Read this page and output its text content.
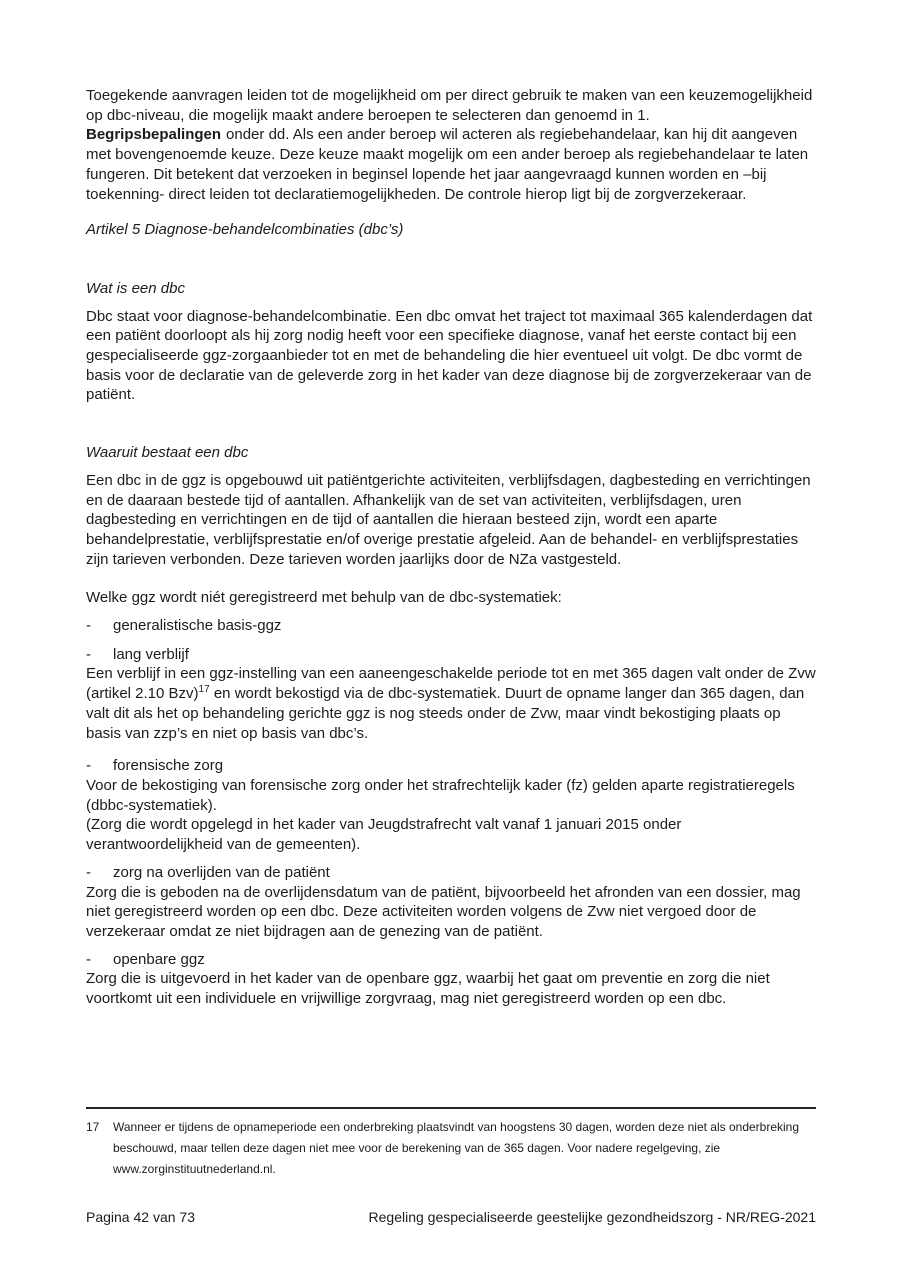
Toegekende aanvragen leiden tot de mogelijkheid om per direct gebruik te maken van een keuzemogelijkheid op dbc-niveau, die mogelijk maakt andere beroepen te selecteren dan genoemd in 1.Begripsbepalingen onder dd. Als een ander beroep wil acteren als regiebehandelaar, kan hij dit aangeven met bovengenoemde keuze. Deze keuze maakt mogelijk om een ander beroep als regiebehandelaar te laten fungeren. Dit betekent dat verzoeken in beginsel lopende het jaar aangevraagd kunnen worden en –bij toekenning- direct leiden tot declaratiemogelijkheden. De controle hierop ligt bij de zorgverzekeraar.

Artikel 5 Diagnose-behandelcombinaties (dbc’s)

Wat is een dbc

Dbc staat voor diagnose-behandelcombinatie. Een dbc omvat het traject tot maximaal 365 kalenderdagen dat een patiënt doorloopt als hij zorg nodig heeft voor een specifieke diagnose, vanaf het eerste contact bij een gespecialiseerde ggz-zorgaanbieder tot en met de behandeling die hier eventueel uit volgt. De dbc vormt de basis voor de declaratie van de geleverde zorg in het kader van deze diagnose bij de zorgverzekeraar van de patiënt.

Waaruit bestaat een dbc

Een dbc in de ggz is opgebouwd uit patiëntgerichte activiteiten, verblijfsdagen, dagbesteding en verrichtingen en de daaraan bestede tijd of aantallen. Afhankelijk van de set van activiteiten, verblijfsdagen, uren dagbesteding en verrichtingen en de tijd of aantallen die hieraan besteed zijn, wordt een aparte behandelprestatie, verblijfsprestatie en/of overige prestatie afgeleid. Aan de behandel- en verblijfsprestaties zijn tarieven verbonden. Deze tarieven worden jaarlijks door de NZa vastgesteld.

Welke ggz wordt niét geregistreerd met behulp van de dbc-systematiek:

-	generalistische basis-ggz
-	lang verblijf

Een verblijf in een ggz-instelling van een aaneengeschakelde periode tot en met 365 dagen valt onder de Zvw (artikel 2.10 Bzv)$^{17}$ en wordt bekostigd via de dbc-systematiek. Duurt de opname langer dan 365 dagen, dan valt dit als het op behandeling gerichte ggz is nog steeds onder de Zvw, maar vindt bekostiging plaats op basis van zzp’s en niet op basis van dbc’s.

-	forensische zorg

Voor de bekostiging van forensische zorg onder het strafrechtelijk kader (fz) gelden aparte registratieregels (dbbc-systematiek).

(Zorg die wordt opgelegd in het kader van Jeugdstrafrecht valt vanaf 1 januari 2015 onder verantwoordelijkheid van de gemeenten).

-	zorg na overlijden van de patiënt

Zorg die is geboden na de overlijdensdatum van de patiënt, bijvoorbeeld het afronden van een dossier, mag niet geregistreerd worden op een dbc. Deze activiteiten worden volgens de Zvw niet vergoed door de verzekeraar omdat ze niet bijdragen aan de genezing van de patiënt.

-	openbare ggz

Zorg die is uitgevoerd in het kader van de openbare ggz, waarbij het gaat om preventie en zorg die niet voortkomt uit een individuele en vrijwillige zorgvraag, mag niet geregistreerd worden op een dbc.

17	Wanneer er tijdens de opnameperiode een onderbreking plaatsvindt van hoogstens 30 dagen, worden deze niet als onderbreking beschouwd, maar tellen deze dagen niet mee voor de berekening van de 365 dagen. Voor nadere regelgeving, zie www.zorginstituutnederland.nl.
Pagina 42 van 73	Regeling gespecialiseerde geestelijke gezondheidszorg - NR/REG-2021
